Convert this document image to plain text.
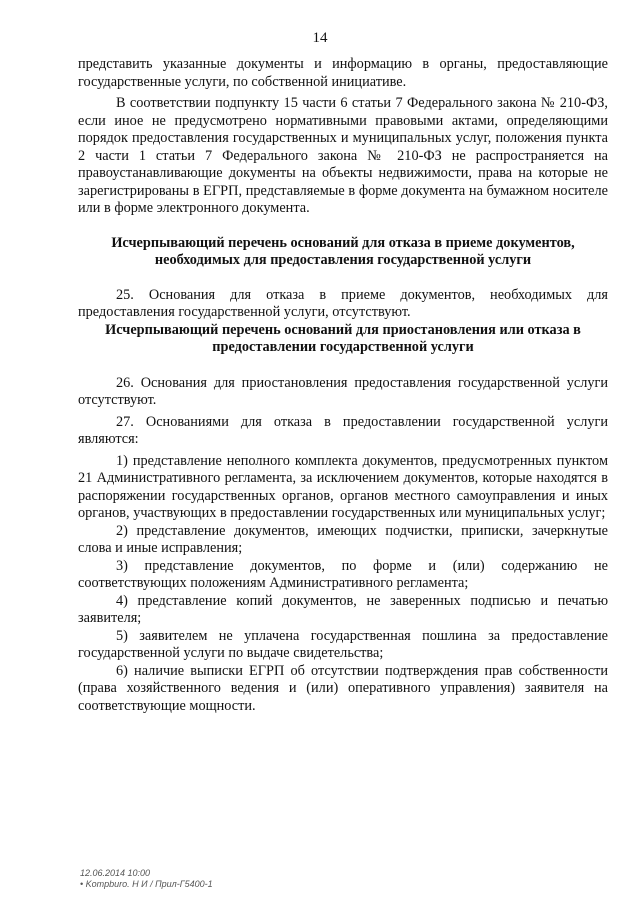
14

представить указанные документы и информацию в органы, предоставляющие государственные услуги, по собственной инициативе.

В соответствии подпункту 15 части 6 статьи 7 Федерального закона № 210-ФЗ, если иное не предусмотрено нормативными правовыми актами, определяющими порядок предоставления государственных и муниципальных услуг, положения пункта 2 части 1 статьи 7 Федерального закона № 210-ФЗ не распространяется на правоустанавливающие документы на объекты недвижимости, права на которые не зарегистрированы в ЕГРП, представляемые в форме документа на бумажном носителе или в форме электронного документа.

Исчерпывающий перечень оснований для отказа в приеме документов, необходимых для предоставления государственной услуги

25. Основания для отказа в приеме документов, необходимых для предоставления государственной услуги, отсутствуют.

Исчерпывающий перечень оснований для приостановления или отказа в предоставлении государственной услуги

26. Основания для приостановления предоставления государственной услуги отсутствуют.

27. Основаниями для отказа в предоставлении государственной услуги являются:

1) представление неполного комплекта документов, предусмотренных пунктом 21 Административного регламента, за исключением документов, которые находятся в распоряжении государственных органов, органов местного самоуправления и иных органов, участвующих в предоставлении государственных или муниципальных услуг;

2) представление документов, имеющих подчистки, приписки, зачеркнутые слова и иные исправления;

3) представление документов, по форме и (или) содержанию не соответствующих положениям Административного регламента;

4) представление копий документов, не заверенных подписью и печатью заявителя;

5) заявителем не уплачена государственная пошлина за предоставление государственной услуги по выдаче свидетельства;

6) наличие выписки ЕГРП об отсутствии подтверждения прав собственности (права хозяйственного ведения и (или) оперативного управления) заявителя на соответствующие мощности.

12.06.2014 10:00
• Kompburo. H И / Прил-Г5400-1
